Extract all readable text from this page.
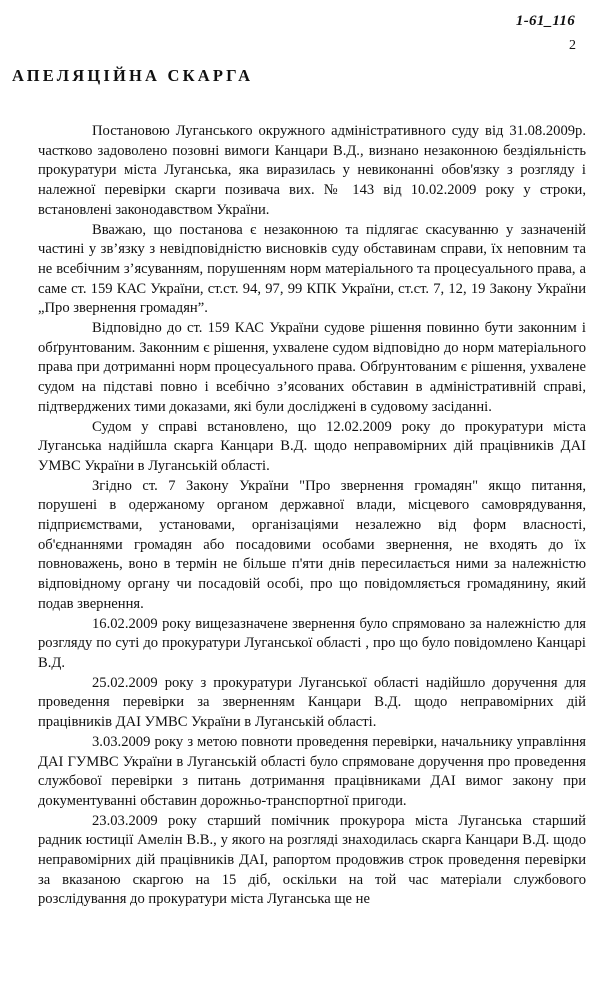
1-61_116
2
АПЕЛЯЦІЙНА СКАРГА

Постановою Луганського окружного адміністративного суду від 31.08.2009р. частково задоволено позовні вимоги Канцари В.Д., визнано незаконною бездіяльність прокуратури міста Луганська, яка виразилась у невиконанні обов'язку з розгляду і належної перевірки скарги позивача вих. № 143 від 10.02.2009 року у строки, встановлені законодавством України.

Вважаю, що постанова є незаконною та підлягає скасуванню у зазначеній частині у зв’язку з невідповідністю висновків суду обставинам справи, їх неповним та не всебічним з’ясуванням, порушенням норм матеріального та процесуального права, а саме ст. 159 КАС України, ст.ст. 94, 97, 99 КПК України, ст.ст. 7, 12, 19 Закону України „Про звернення громадян”.

Відповідно до ст. 159 КАС України судове рішення повинно бути законним і обґрунтованим. Законним є рішення, ухвалене судом відповідно до норм матеріального права при дотриманні норм процесуального права. Обґрунтованим є рішення, ухвалене судом на підставі повно і всебічно з’ясованих обставин в адміністративній справі, підтверджених тими доказами, які були досліджені в судовому засіданні.

Судом у справі встановлено, що 12.02.2009 року до прокуратури міста Луганська надійшла скарга Канцари В.Д. щодо неправомірних дій працівників ДАІ УМВС України в Луганській області.

Згідно ст. 7 Закону України "Про звернення громадян" якщо питання, порушені в одержаному органом державної влади, місцевого самоврядування, підприємствами, установами, організаціями незалежно від форм власності, об'єднаннями громадян або посадовими особами звернення, не входять до їх повноважень, воно в термін не більше п'яти днів пересилається ними за належністю відповідному органу чи посадовій особі, про що повідомляється громадянину, який подав звернення.

16.02.2009 року вищезазначене звернення було спрямовано за належністю для розгляду по суті до прокуратури Луганської області , про що було повідомлено Канцарі В.Д.

25.02.2009 року з прокуратури Луганської області надійшло доручення для проведення перевірки за зверненням Канцари В.Д. щодо неправомірних дій працівників ДАІ УМВС України в Луганській області.

3.03.2009 року з метою повноти проведення перевірки, начальнику управління ДАІ ГУМВС України в Луганській області було спрямоване доручення про проведення службової перевірки з питань дотримання працівниками ДАІ вимог закону при документуванні обставин дорожньо-транспортної пригоди.

23.03.2009 року старший помічник прокурора міста Луганська старший радник юстиції Амелін В.В., у якого на розгляді знаходилась скарга Канцари В.Д. щодо неправомірних дій працівників ДАІ, рапортом продовжив строк проведення перевірки за вказаною скаргою на 15 діб, оскільки на той час матеріали службового розслідування до прокуратури міста Луганська ще не
